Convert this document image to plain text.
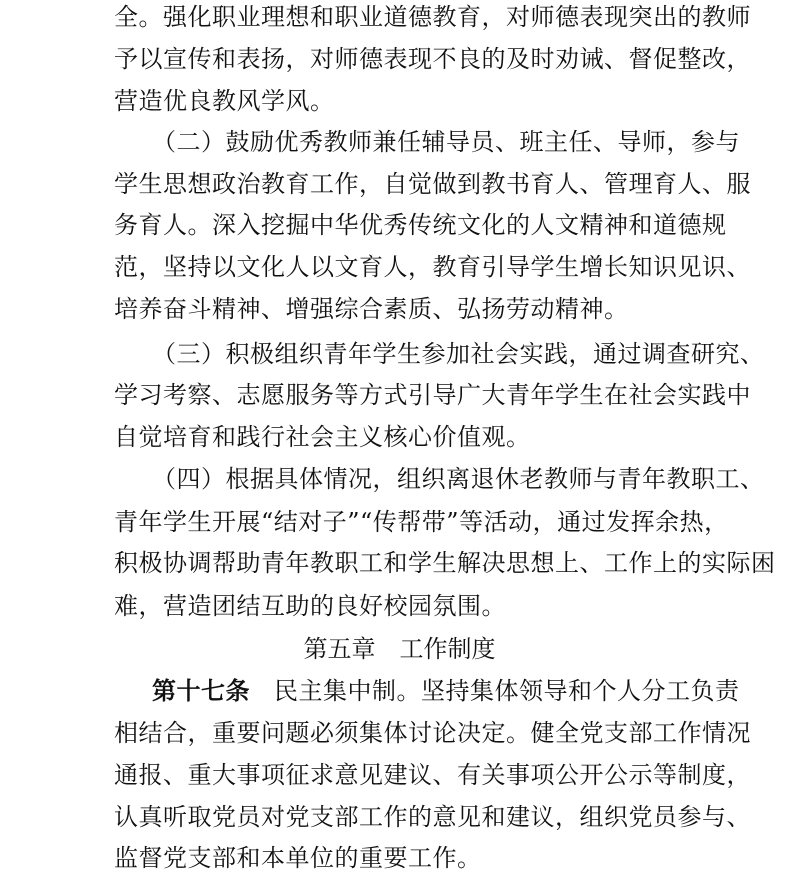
全。强化职业理想和职业道德教育，对师德表现突出的教师
予以宣传和表扬，对师德表现不良的及时劝诫、督促整改，
营造优良教风学风。
（二）鼓励优秀教师兼任辅导员、班主任、导师，参与
学生思想政治教育工作，自觉做到教书育人、管理育人、服
务育人。深入挖掘中华优秀传统文化的人文精神和道德规
范，坚持以文化人以文育人，教育引导学生增长知识见识、
培养奋斗精神、增强综合素质、弘扬劳动精神。
（三）积极组织青年学生参加社会实践，通过调查研究、
学习考察、志愿服务等方式引导广大青年学生在社会实践中
自觉培育和践行社会主义核心价值观。
（四）根据具体情况，组织离退休老教师与青年教职工、
青年学生开展“结对子”“传帮带”等活动，通过发挥余热，
积极协调帮助青年教职工和学生解决思想上、工作上的实际困
难，营造团结互助的良好校园氛围。
第五章　工作制度
第十七条 民主集中制。坚持集体领导和个人分工负责
相结合，重要问题必须集体讨论决定。健全党支部工作情况
通报、重大事项征求意见建议、有关事项公开公示等制度，
认真听取党员对党支部工作的意见和建议，组织党员参与、
监督党支部和本单位的重要工作。
